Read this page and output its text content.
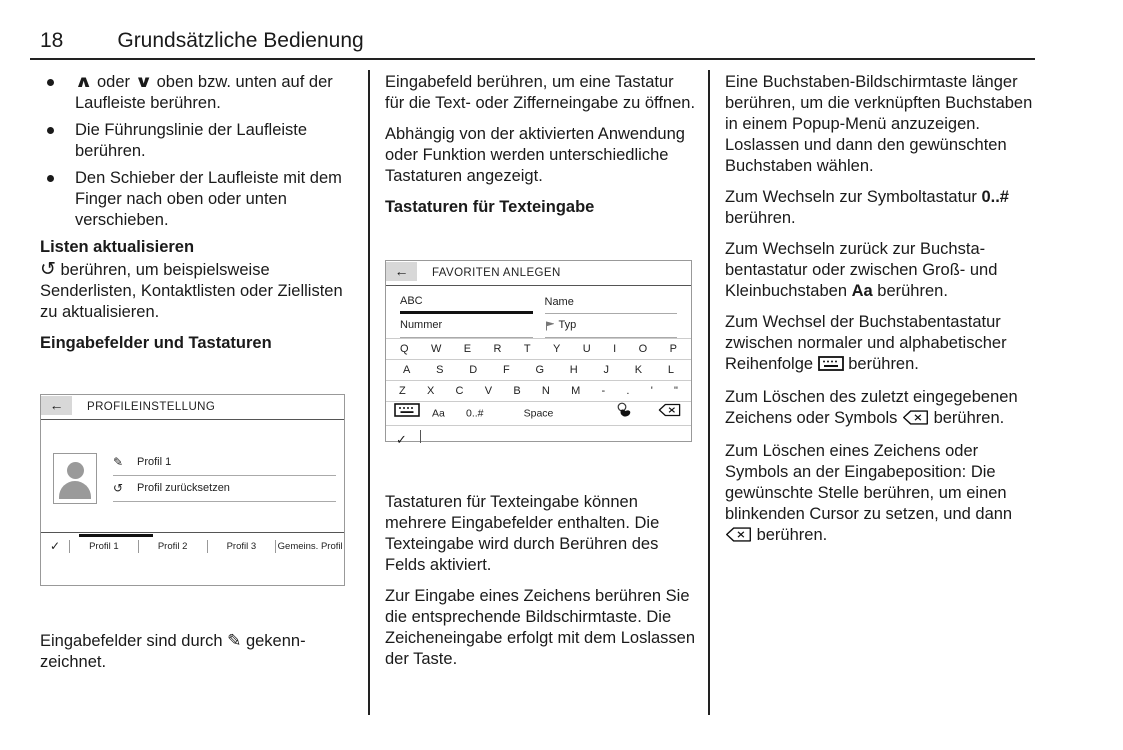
18	Grundsätzliche Bedienung
∧ oder ∨ oben bzw. unten auf der Laufleiste berühren.
Die Führungslinie der Laufleiste berühren.
Den Schieber der Laufleiste mit dem Finger nach oben oder unten verschieben.
Listen aktualisieren

↺ berühren, um beispielsweise Senderlisten, Kontaktlisten oder Ziellisten zu aktualisieren.

Eingabefelder und Tastaturen
← PROFILEINSTELLUNG
✎	Profil 1
↺	Profil zurücksetzen
✓	Profil 1	Profil 2	Profil 3	Gemeins. Profil

Eingabefelder sind durch ✎ gekennzeichnet.

Eingabefeld berühren, um eine Tastatur für die Text- oder Zifferneingabe zu öffnen.

Abhängig von der aktivierten Anwendung oder Funktion werden unterschiedliche Tastaturen angezeigt.

Tastaturen für Texteingabe
← FAVORITEN ANLEGEN
ABC	Name
Nummer	Typ
Q W E R T Y U I O P
A S D F G H J K L
Z X C V B N M - . ' "
Aa 0..#	Space
✓

Tastaturen für Texteingabe können mehrere Eingabefelder enthalten. Die Texteingabe wird durch Berühren des Felds aktiviert.

Zur Eingabe eines Zeichens berühren Sie die entsprechende Bildschirmtaste. Die Zeicheneingabe erfolgt mit dem Loslassen der Taste.

Eine Buchstaben-Bildschirmtaste länger berühren, um die verknüpften Buchstaben in einem Popup-Menü anzuzeigen. Loslassen und dann den gewünschten Buchstaben wählen.

Zum Wechseln zur Symboltastatur 0..# berühren.

Zum Wechseln zurück zur Buchstabentastatur oder zwischen Groß- und Kleinbuchstaben Aa berühren.

Zum Wechsel der Buchstabentastatur zwischen normaler und alphabetischer Reihenfolge  berühren.

Zum Löschen des zuletzt eingegebenen Zeichens oder Symbols  berühren.

Zum Löschen eines Zeichens oder Symbols an der Eingabeposition: Die gewünschte Stelle berühren, um einen blinkenden Cursor zu setzen, und dann  berühren.
